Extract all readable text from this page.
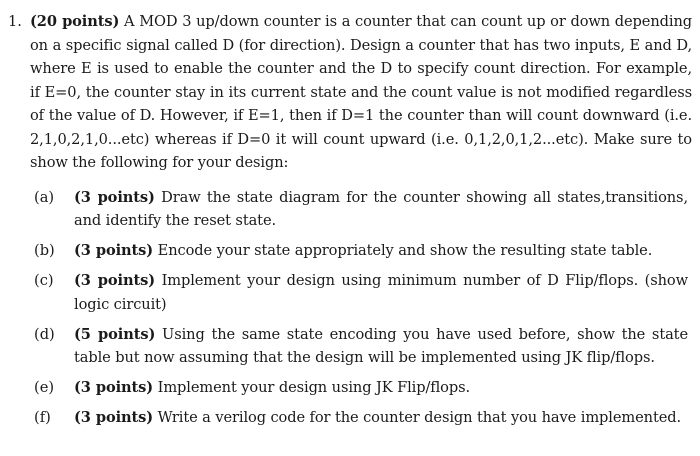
1. (20 points) A MOD 3 up/down counter is a counter that can count up or down depending on a specific signal called D (for direction). Design a counter that has two inputs, E and D, where E is used to enable the counter and the D to specify count direction. For example, if E=0, the counter stay in its current state and the count value is not modified regardless of the value of D. However, if E=1, then if D=1 the counter than will count downward (i.e. 2,1,0,2,1,0...etc) whereas if D=0 it will count upward (i.e. 0,1,2,0,1,2...etc). Make sure to show the following for your design:
(a)	(3 points) Draw the state diagram for the counter showing all states,transitions, and identify the reset state.
(b)	(3 points) Encode your state appropriately and show the resulting state table.
(c)	(3 points) Implement your design using minimum number of D Flip/flops. (show logic circuit)
(d)	(5 points) Using the same state encoding you have used before, show the state table but now assuming that the design will be implemented using JK flip/flops.
(e)	(3 points) Implement your design using JK Flip/flops.
(f)	(3 points) Write a verilog code for the counter design that you have implemented.
